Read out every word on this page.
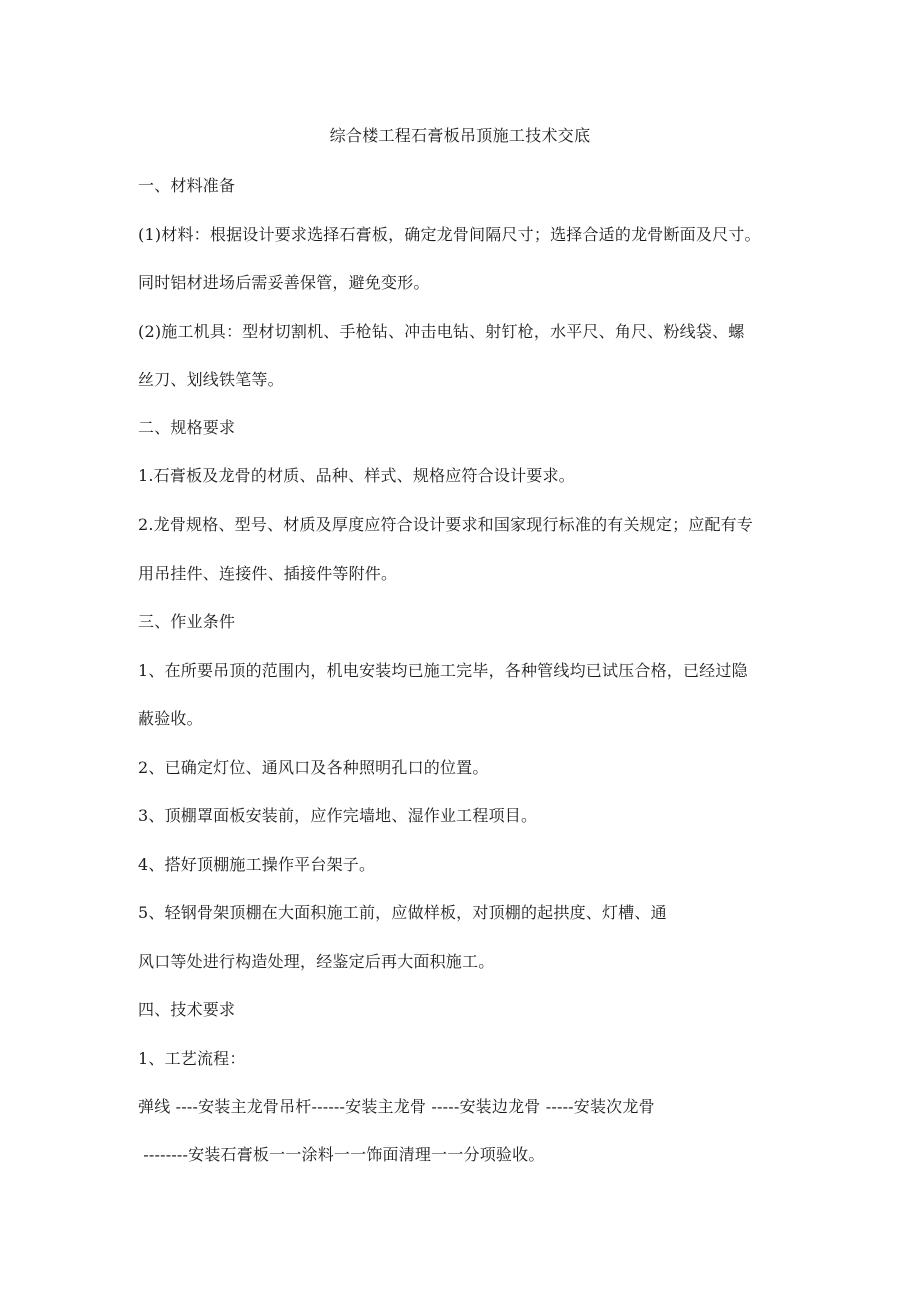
综合楼工程石膏板吊顶施工技术交底
一、材料准备
(1)材料：根据设计要求选择石膏板，确定龙骨间隔尺寸；选择合适的龙骨断面及尺寸。
同时铝材进场后需妥善保管，避免变形。
(2)施工机具：型材切割机、手枪钻、冲击电钻、射钉枪，水平尺、角尺、粉线袋、螺
丝刀、划线铁笔等。
二、规格要求
1.石膏板及龙骨的材质、品种、样式、规格应符合设计要求。
2.龙骨规格、型号、材质及厚度应符合设计要求和国家现行标准的有关规定；应配有专
用吊挂件、连接件、插接件等附件。
三、作业条件
1、在所要吊顶的范围内，机电安装均已施工完毕，各种管线均已试压合格，已经过隐
蔽验收。
2、已确定灯位、通风口及各种照明孔口的位置。
3、顶棚罩面板安装前，应作完墙地、湿作业工程项目。
4、搭好顶棚施工操作平台架子。
5、轻钢骨架顶棚在大面积施工前，应做样板，对顶棚的起拱度、灯槽、通
风口等处进行构造处理，经鉴定后再大面积施工。
四、技术要求
1、工艺流程：
弹线 ----安装主龙骨吊杆------安装主龙骨 -----安装边龙骨 -----安装次龙骨
--------安装石膏板一一涂料一一饰面清理一一分项验收。
